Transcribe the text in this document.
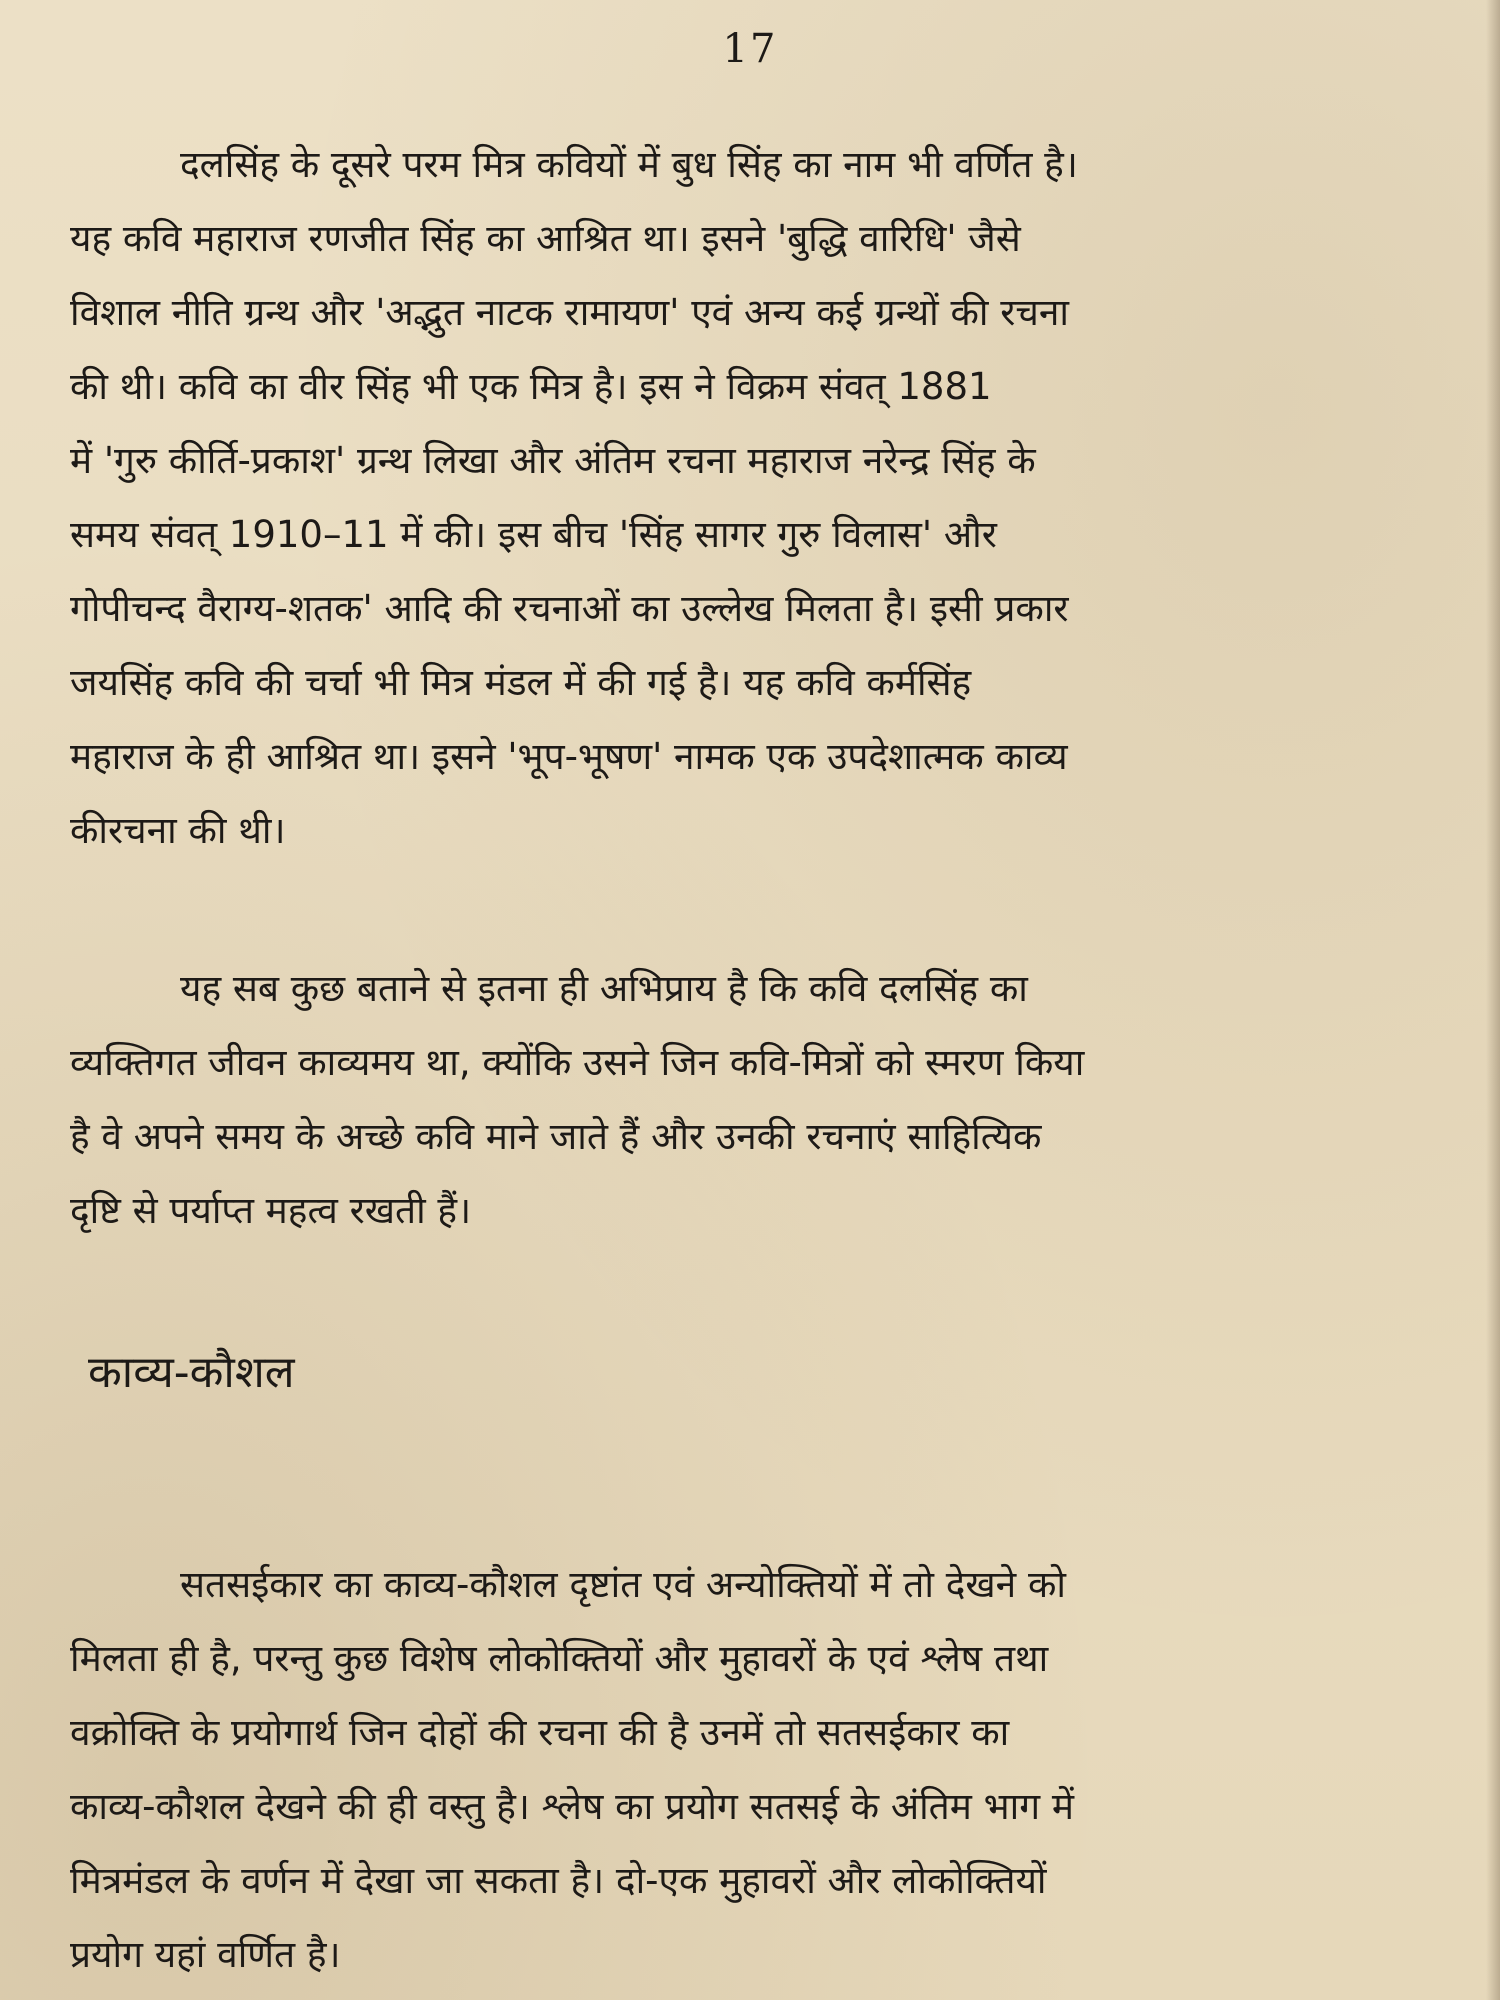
17
दलसिंह के दूसरे परम मित्र कवियों में बुध सिंह का नाम भी वर्णित है।
यह कवि महाराज रणजीत सिंह का आश्रित था। इसने 'बुद्धि वारिधि' जैसे
विशाल नीति ग्रन्थ और 'अद्भुत नाटक रामायण' एवं अन्य कई ग्रन्थों की रचना
की थी। कवि का वीर सिंह भी एक मित्र है। इस ने विक्रम संवत् 1881
में 'गुरु कीर्ति-प्रकाश' ग्रन्थ लिखा और अंतिम रचना महाराज नरेन्द्र सिंह के
समय संवत् 1910–11 में की। इस बीच 'सिंह सागर गुरु विलास' और
गोपीचन्द वैराग्य-शतक' आदि की रचनाओं का उल्लेख मिलता है। इसी प्रकार
जयसिंह कवि की चर्चा भी मित्र मंडल में की गई है। यह कवि कर्मसिंह
महाराज के ही आश्रित था। इसने 'भूप-भूषण' नामक एक उपदेशात्मक काव्य
कीरचना की थी।
यह सब कुछ बताने से इतना ही अभिप्राय है कि कवि दलसिंह का
व्यक्तिगत जीवन काव्यमय था, क्योंकि उसने जिन कवि-मित्रों को स्मरण किया
है वे अपने समय के अच्छे कवि माने जाते हैं और उनकी रचनाएं साहित्यिक
दृष्टि से पर्याप्त महत्व रखती हैं।
काव्य-कौशल
सतसईकार का काव्य-कौशल दृष्टांत एवं अन्योक्तियों में तो देखने को
मिलता ही है, परन्तु कुछ विशेष लोकोक्तियों और मुहावरों के एवं श्लेष तथा
वक्रोक्ति के प्रयोगार्थ जिन दोहों की रचना की है उनमें तो सतसईकार का
काव्य-कौशल देखने की ही वस्तु है। श्लेष का प्रयोग सतसई के अंतिम भाग में
मित्रमंडल के वर्णन में देखा जा सकता है। दो-एक मुहावरों और लोकोक्तियों
प्रयोग यहां वर्णित है।
